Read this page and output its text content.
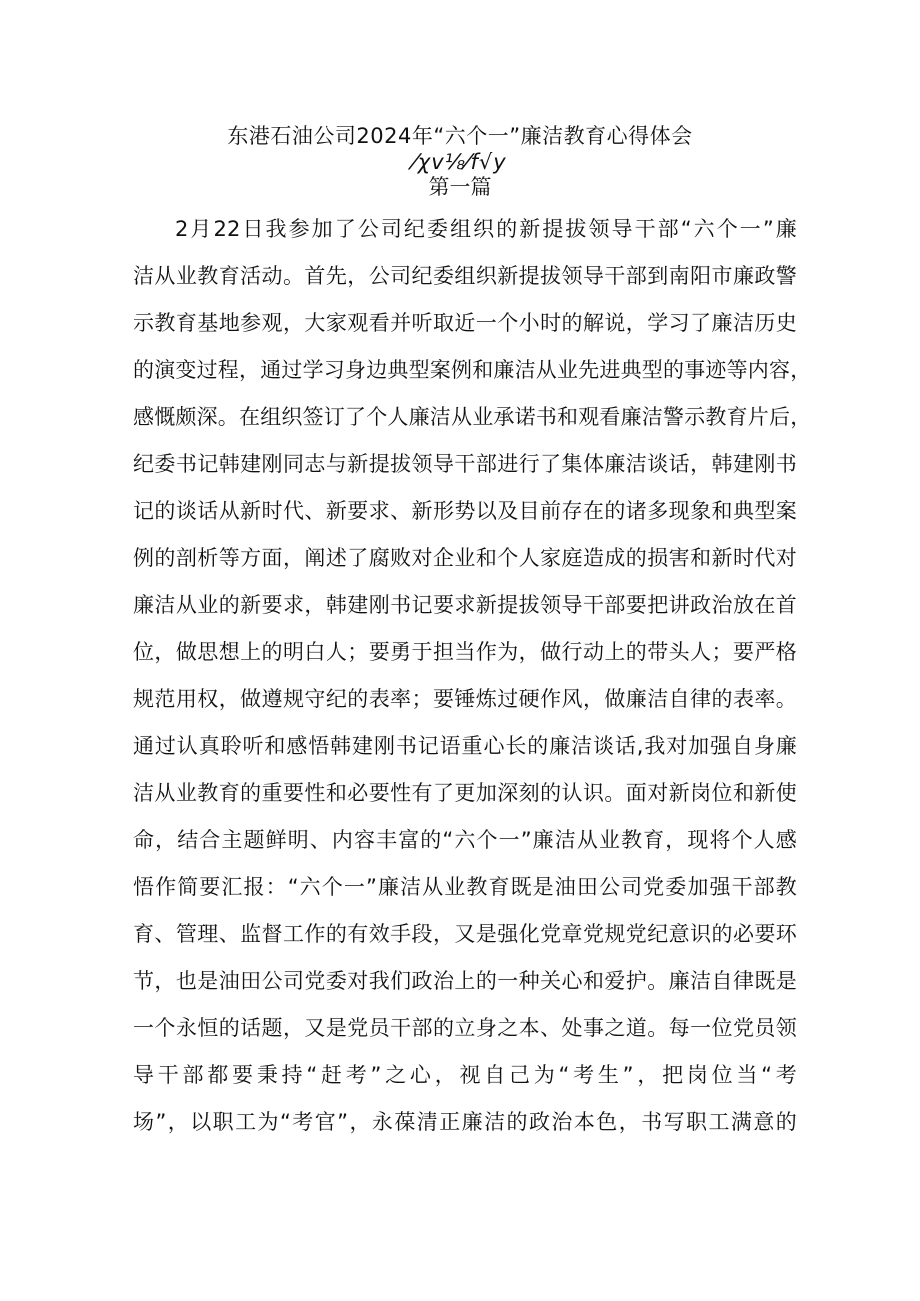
东港石油公司2024年“六个一”廉洁教育心得体会
⁄χv⅛⁄f√y
第一篇
2月22日我参加了公司纪委组织的新提拔领导干部“六个一”廉
洁从业教育活动。首先，公司纪委组织新提拔领导干部到南阳市廉政警
示教育基地参观，大家观看并听取近一个小时的解说，学习了廉洁历史
的演变过程，通过学习身边典型案例和廉洁从业先进典型的事迹等内容，
感慨颇深。在组织签订了个人廉洁从业承诺书和观看廉洁警示教育片后，
纪委书记韩建刚同志与新提拔领导干部进行了集体廉洁谈话，韩建刚书
记的谈话从新时代、新要求、新形势以及目前存在的诸多现象和典型案
例的剖析等方面，阐述了腐败对企业和个人家庭造成的损害和新时代对
廉洁从业的新要求，韩建刚书记要求新提拔领导干部要把讲政治放在首
位，做思想上的明白人；要勇于担当作为，做行动上的带头人；要严格
规范用权，做遵规守纪的表率；要锤炼过硬作风，做廉洁自律的表率。
通过认真聆听和感悟韩建刚书记语重心长的廉洁谈话,我对加强自身廉
洁从业教育的重要性和必要性有了更加深刻的认识。面对新岗位和新使
命，结合主题鲜明、内容丰富的“六个一”廉洁从业教育，现将个人感
悟作简要汇报：“六个一”廉洁从业教育既是油田公司党委加强干部教
育、管理、监督工作的有效手段，又是强化党章党规党纪意识的必要环
节，也是油田公司党委对我们政治上的一种关心和爱护。廉洁自律既是
一个永恒的话题，又是党员干部的立身之本、处事之道。每一位党员领
导干部都要秉持“赶考”之心，视自己为“考生”，把岗位当“考
场”，以职工为“考官”，永葆清正廉洁的政治本色，书写职工满意的
